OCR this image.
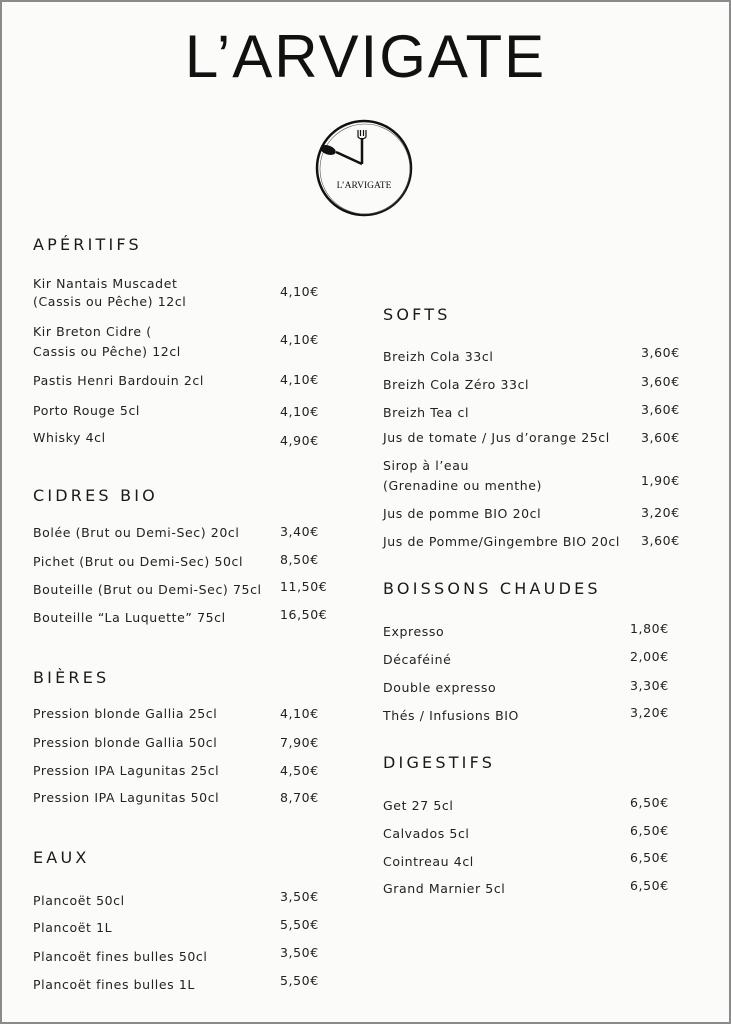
L’ARVIGATE
L’ARVIGATE
APÉRITIFS
Kir Nantais Muscadet
(Cassis ou Pêche) 12cl
4,10€
Kir Breton Cidre (
Cassis ou Pêche) 12cl
4,10€
Pastis Henri Bardouin 2cl	4,10€
Porto Rouge 5cl	4,10€
Whisky 4cl	4,90€
CIDRES BIO
Bolée (Brut ou Demi-Sec) 20cl	3,40€
Pichet (Brut ou Demi-Sec) 50cl	8,50€
Bouteille (Brut ou Demi-Sec) 75cl 11,50€
Bouteille “La Luquette” 75cl	16,50€
BIÈRES
Pression blonde Gallia 25cl	4,10€
Pression blonde Gallia 50cl	7,90€
Pression IPA Lagunitas 25cl	4,50€
Pression IPA Lagunitas 50cl	8,70€
EAUX
Plancoët 50cl	3,50€
Plancoët 1L	5,50€
Plancoët fines bulles 50cl	3,50€
Plancoët fines bulles 1L	5,50€
SOFTS
Breizh Cola 33cl	3,60€
Breizh Cola Zéro 33cl	3,60€
Breizh Tea cl	3,60€
Jus de tomate / Jus d’orange 25cl 3,60€
Sirop à l’eau
(Grenadine ou menthe)	1,90€
Jus de pomme BIO 20cl	3,20€
Jus de Pomme/Gingembre BIO 20cl 3,60€
BOISSONS CHAUDES
Expresso	1,80€
Décaféiné	2,00€
Double expresso	3,30€
Thés / Infusions BIO	3,20€
DIGESTIFS
Get 27 5cl	6,50€
Calvados 5cl	6,50€
Cointreau 4cl	6,50€
Grand Marnier 5cl	6,50€
